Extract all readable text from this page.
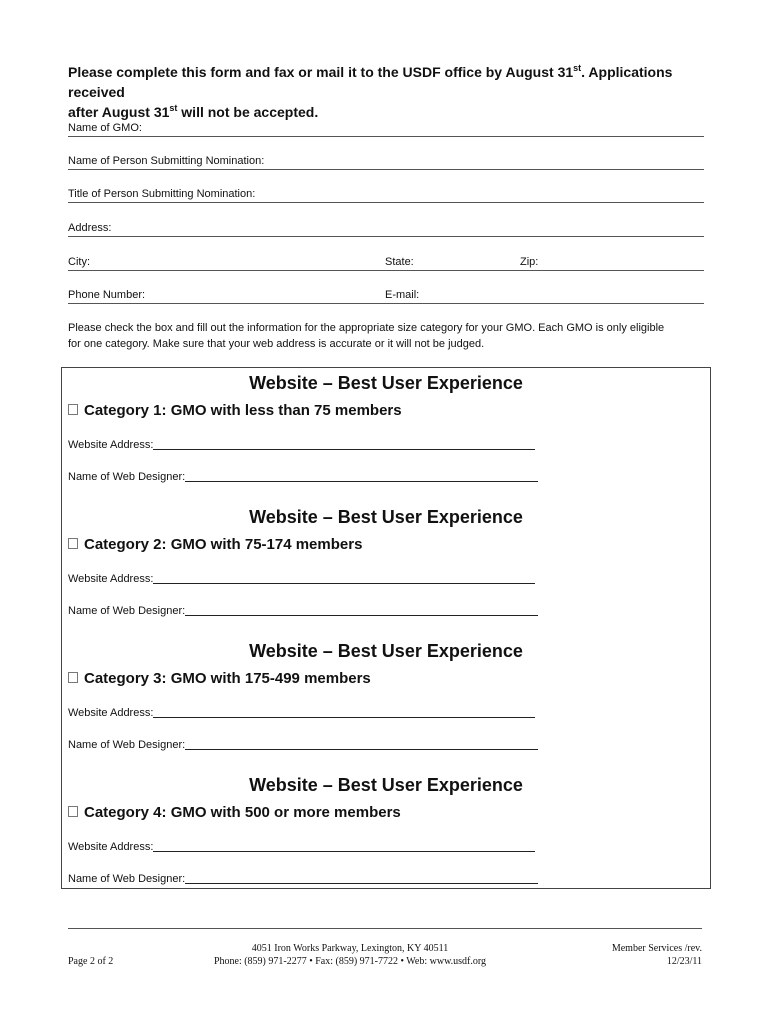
Please complete this form and fax or mail it to the USDF office by August 31st. Applications received
after August 31st will not be accepted.
Name of GMO:
Name of Person Submitting Nomination:
Title of Person Submitting Nomination:
Address:
City:	State:	Zip:
Phone Number:	E-mail:
Please check the box and fill out the information for the appropriate size category for your GMO. Each GMO is only eligible
for one category. Make sure that your web address is accurate or it will not be judged.
Website – Best User Experience
Category 1: GMO with less than 75 members
Website Address:
Name of Web Designer:
Website – Best User Experience
Category 2: GMO with 75-174 members
Website Address:
Name of Web Designer:
Website – Best User Experience
Category 3: GMO with 175-499 members
Website Address:
Name of Web Designer:
Website – Best User Experience
Category 4: GMO with 500 or more members
Website Address:
Name of Web Designer:
Page 2 of 2
4051 Iron Works Parkway, Lexington, KY 40511
Phone: (859) 971-2277 • Fax: (859) 971-7722 • Web: www.usdf.org
Member Services /rev.
12/23/11
